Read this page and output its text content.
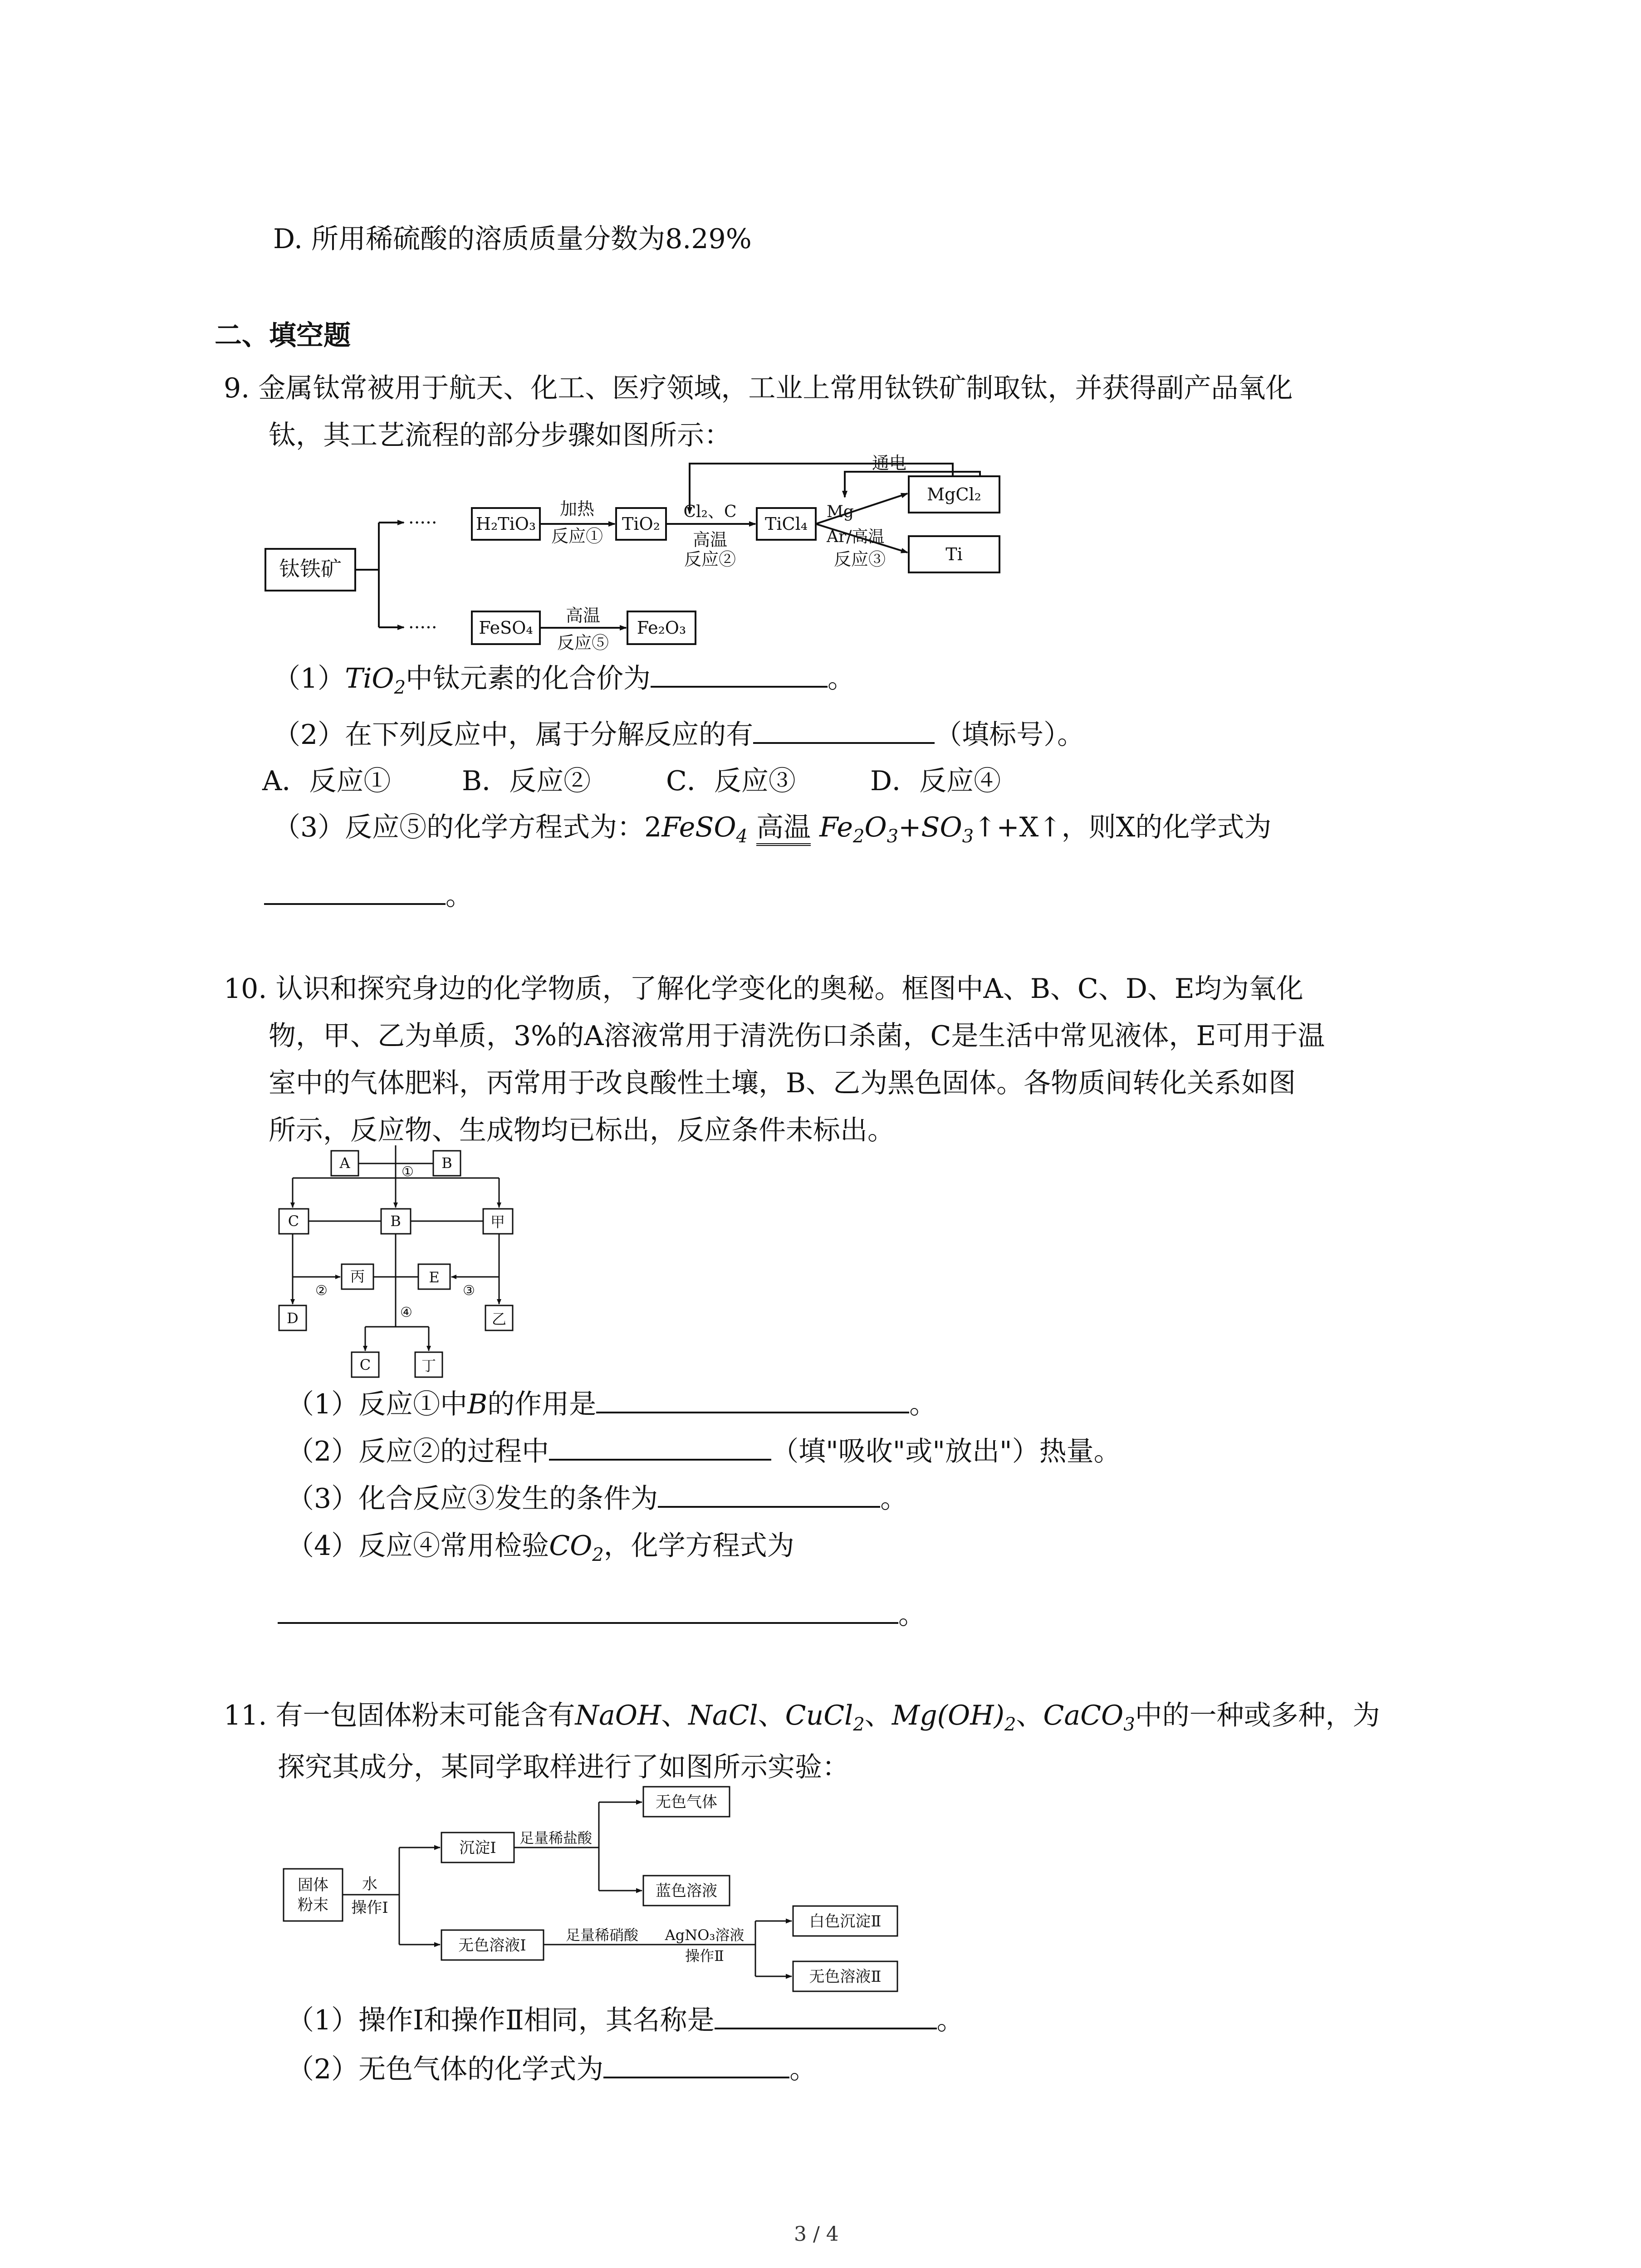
D. 所用稀硫酸的溶质质量分数为8.29%
二、填空题
9. 金属钛常被用于航天、化工、医疗领域，工业上常用钛铁矿制取钛，并获得副产品氧化
钛，其工艺流程的部分步骤如图所示：
钛铁矿
·····
·····
H₂TiO₃
加热
反应①
TiO₂
Cl₂、C
高温
反应②
TiCl₄
通电
Mg
Ar/高温
反应③
MgCl₂
Ti
FeSO₄
高温
反应⑤
Fe₂O₃
（1）TiO$_2$中钛元素的化合价为	。
（2）在下列反应中，属于分解反应的有	（填标号）。
A．反应①	B．反应②	C．反应③	D．反应④
（3）反应⑤的化学方程式为：2FeSO$_4$ 高温 $Fe_2O_3+SO_3↑+X↑$，则X的化学式为
。
10. 认识和探究身边的化学物质，了解化学变化的奥秘。框图中A、B、C、D、E均为氧化
物，甲、乙为单质，3%的A溶液常用于清洗伤口杀菌，C是生活中常见液体，E可用于温
室中的气体肥料，丙常用于改良酸性土壤，B、乙为黑色固体。各物质间转化关系如图
所示，反应物、生成物均已标出，反应条件未标出。
A	B
①
C	B	甲
丙	E
②	③
④
D	乙
C	丁
（1）反应①中B的作用是	。
（2）反应②的过程中	（填"吸收"或"放出"）热量。
（3）化合反应③发生的条件为	。
（4）反应④常用检验$CO_2$，化学方程式为
。
11. 有一包固体粉末可能含有NaOH、NaCl、CuCl$_2$、$Mg(OH)_2$、CaCO$_3$中的一种或多种，为
探究其成分，某同学取样进行了如图所示实验：
固体
粉末
水
操作Ⅰ
沉淀Ⅰ
足量稀盐酸
无色气体
蓝色溶液
无色溶液Ⅰ
足量稀硝酸 AgNO₃溶液
操作Ⅱ
白色沉淀Ⅱ
无色溶液Ⅱ
（1）操作Ⅰ和操作Ⅱ相同，其名称是	。
（2）无色气体的化学式为	。
3 / 4
